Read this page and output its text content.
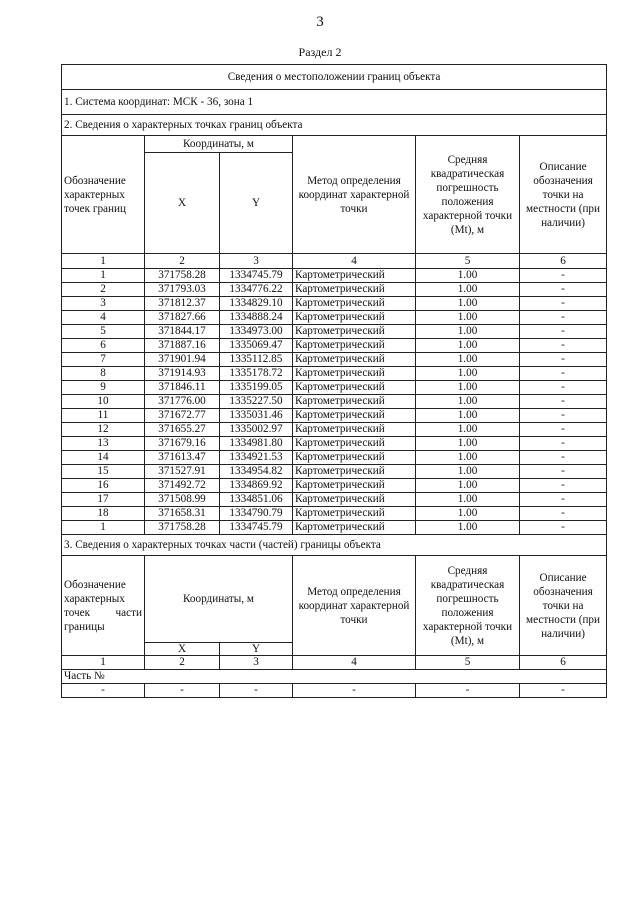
3
Раздел 2
Сведения о местоположении границ объекта					
1. Система координат: МСК - 36, зона 1					
2. Сведения о характерных точках границ объекта					
Обозначение характерных точек границ	Координаты, м		Метод определения координат характерной точки	Средняя квадратическая погрешность положения характерной точки (Mt), м	Описание обозначения точки на местности (при наличии)
	X	Y			
1	2	3	4	5	6
1	371758.28	1334745.79	Картометрический	1.00	-
2	371793.03	1334776.22	Картометрический	1.00	-
3	371812.37	1334829.10	Картометрический	1.00	-
4	371827.66	1334888.24	Картометрический	1.00	-
5	371844.17	1334973.00	Картометрический	1.00	-
6	371887.16	1335069.47	Картометрический	1.00	-
7	371901.94	1335112.85	Картометрический	1.00	-
8	371914.93	1335178.72	Картометрический	1.00	-
9	371846.11	1335199.05	Картометрический	1.00	-
10	371776.00	1335227.50	Картометрический	1.00	-
11	371672.77	1335031.46	Картометрический	1.00	-
12	371655.27	1335002.97	Картометрический	1.00	-
13	371679.16	1334981.80	Картометрический	1.00	-
14	371613.47	1334921.53	Картометрический	1.00	-
15	371527.91	1334954.82	Картометрический	1.00	-
16	371492.72	1334869.92	Картометрический	1.00	-
17	371508.99	1334851.06	Картометрический	1.00	-
18	371658.31	1334790.79	Картометрический	1.00	-
1	371758.28	1334745.79	Картометрический	1.00	-
3. Сведения о характерных точках части (частей) границы объекта					
Обозначение характерных точек части границы	Координаты, м		Метод определения координат характерной точки	Средняя квадратическая погрешность положения характерной точки (Mt), м	Описание обозначения точки на местности (при наличии)
	X	Y			
1	2	3	4	5	6
Часть №					
-	-	-	-	-	-
